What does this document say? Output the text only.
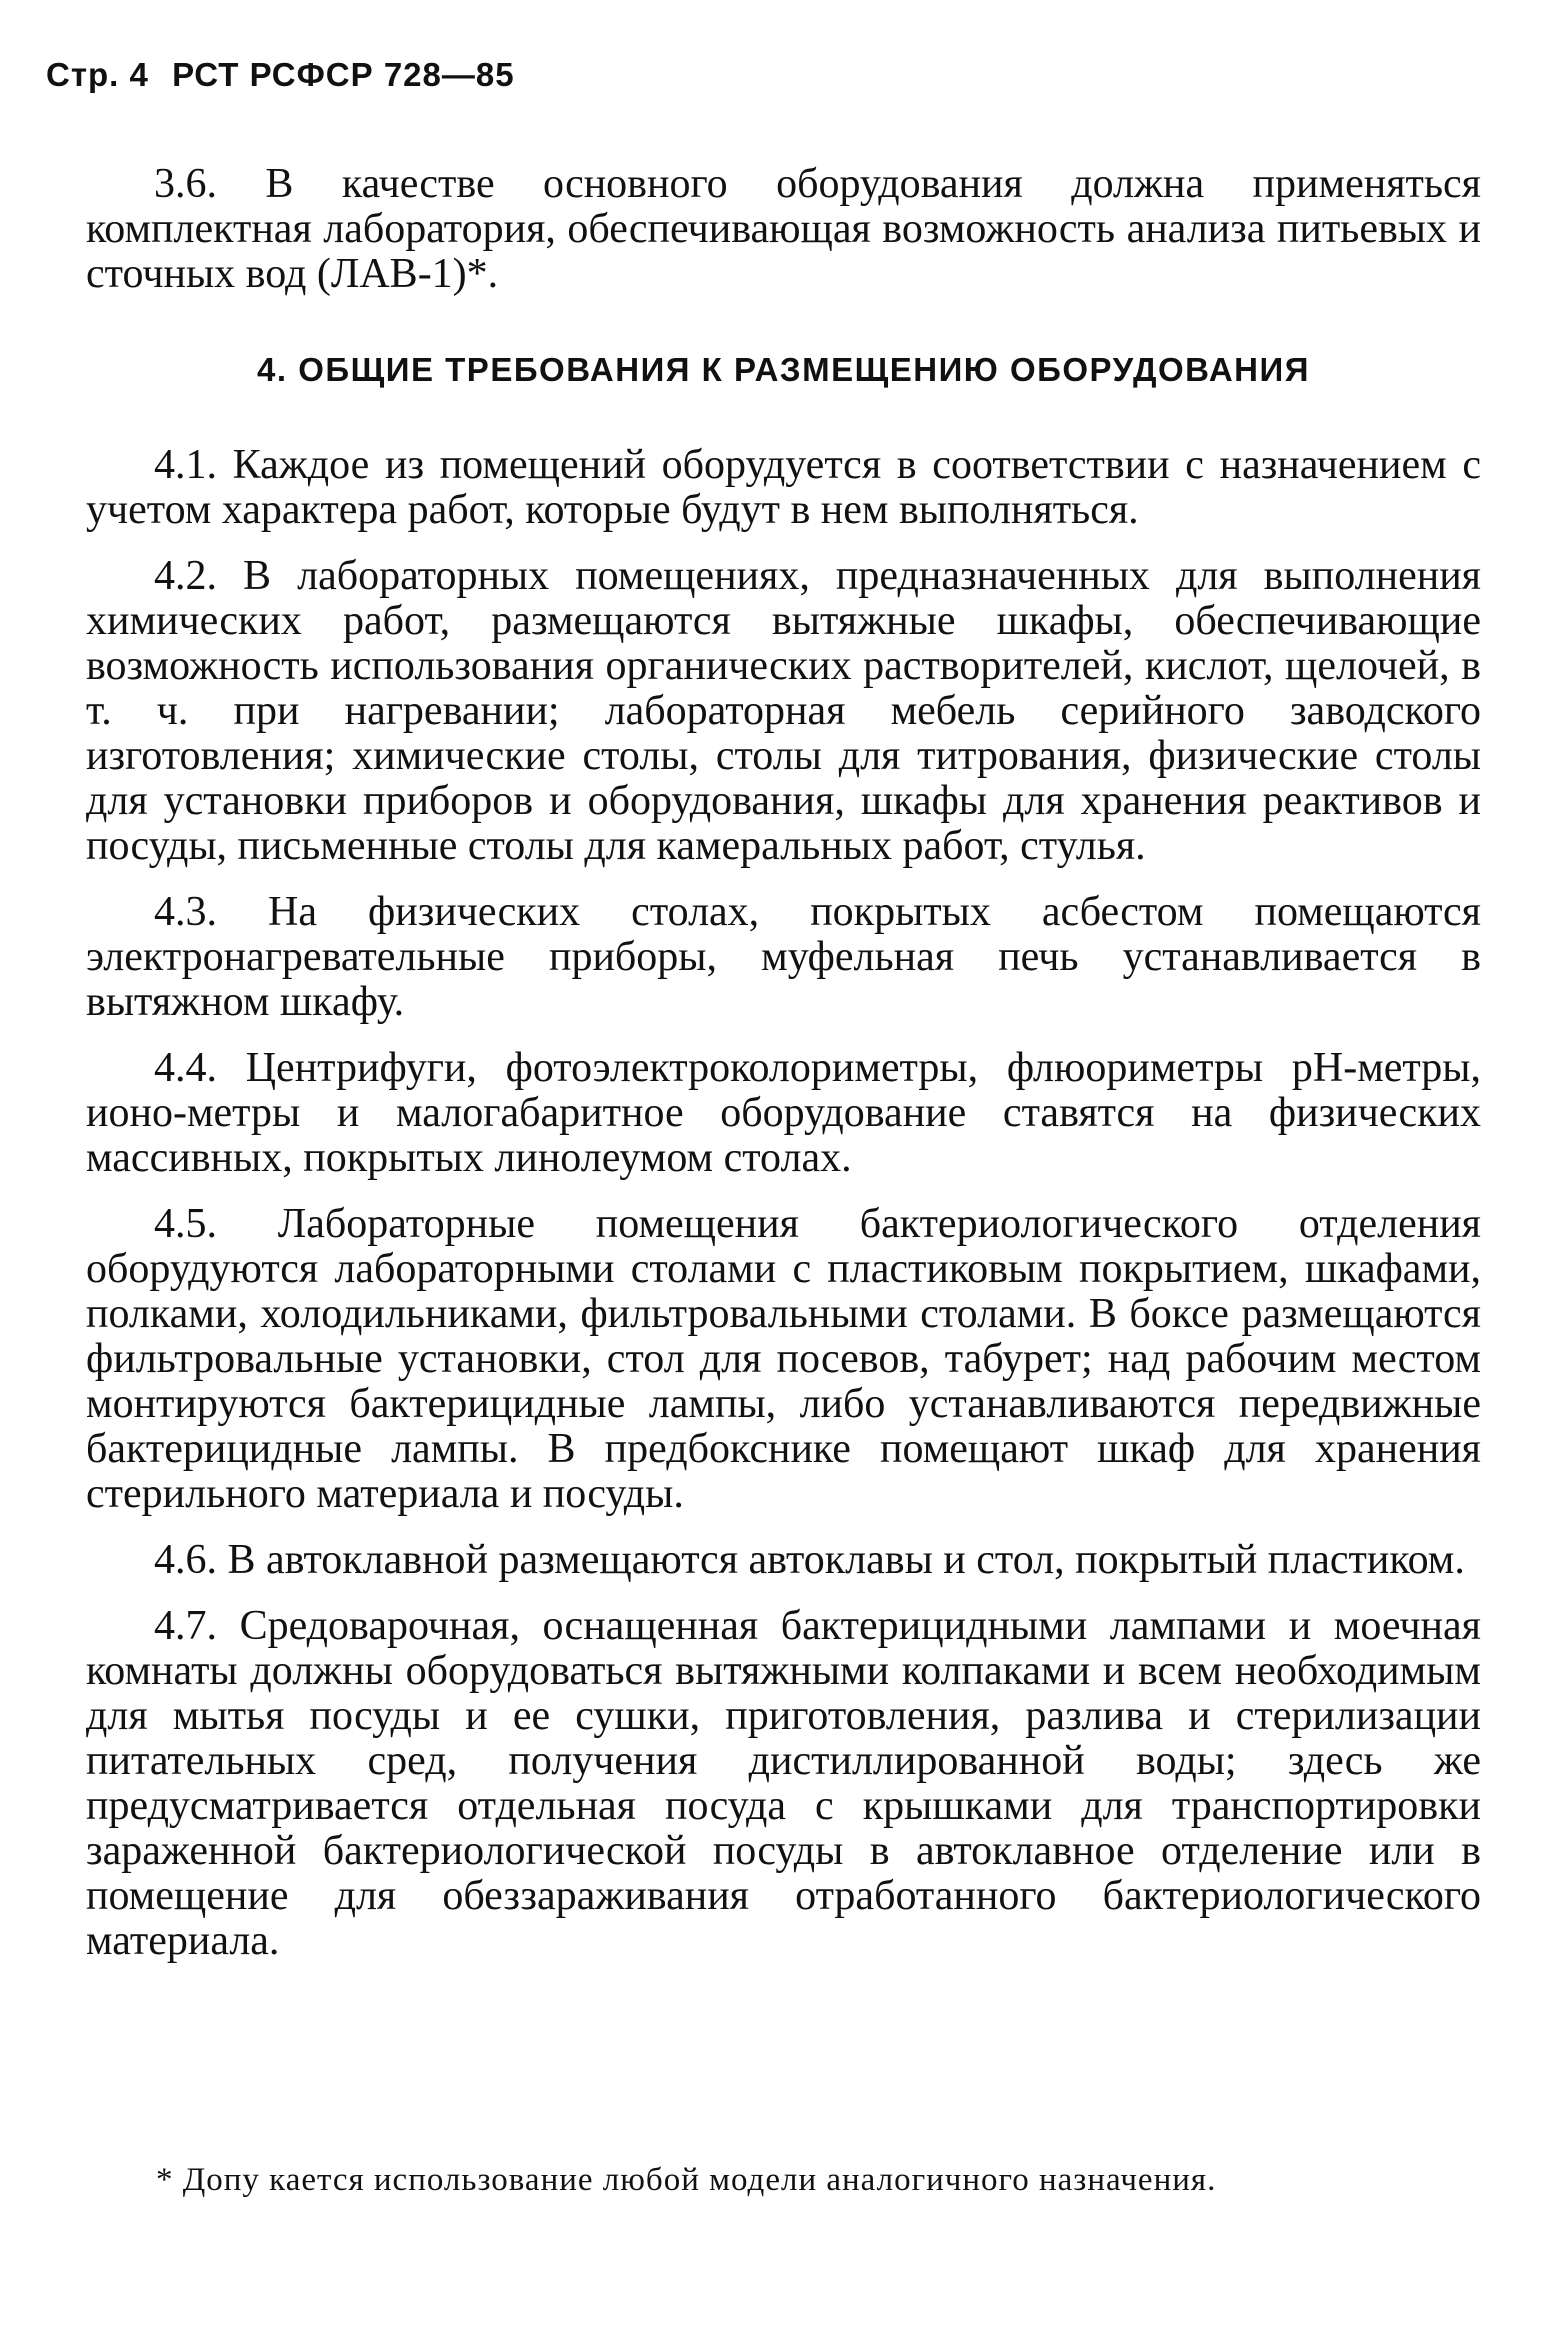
Стр. 4 РСТ РСФСР 728—85

3.6. В качестве основного оборудования должна применяться комплектная лаборатория, обеспечивающая возможность анализа питьевых и сточных вод (ЛАВ-1)*.

4. ОБЩИЕ ТРЕБОВАНИЯ К РАЗМЕЩЕНИЮ ОБОРУДОВАНИЯ

4.1. Каждое из помещений оборудуется в соответствии с назначением с учетом характера работ, которые будут в нем выполняться.

4.2. В лабораторных помещениях, предназначенных для выполнения химических работ, размещаются вытяжные шкафы, обеспечивающие возможность использования органических растворителей, кислот, щелочей, в т. ч. при нагревании; лабораторная мебель серийного заводского изготовления; химические столы, столы для титрования, физические столы для установки приборов и оборудования, шкафы для хранения реактивов и посуды, письменные столы для камеральных работ, стулья.

4.3. На физических столах, покрытых асбестом помещаются электронагревательные приборы, муфельная печь устанавливается в вытяжном шкафу.

4.4. Центрифуги, фотоэлектроколориметры, флюориметры рН-метры, ионо-метры и малогабаритное оборудование ставятся на физических массивных, покрытых линолеумом столах.

4.5. Лабораторные помещения бактериологического отделения оборудуются лабораторными столами с пластиковым покрытием, шкафами, полками, холодильниками, фильтровальными столами. В боксе размещаются фильтровальные установки, стол для посевов, табурет; над рабочим местом монтируются бактерицидные лампы, либо устанавливаются передвижные бактерицидные лампы. В предбокснике помещают шкаф для хранения стерильного материала и посуды.

4.6. В автоклавной размещаются автоклавы и стол, покрытый пластиком.

4.7. Средоварочная, оснащенная бактерицидными лампами и моечная комнаты должны оборудоваться вытяжными колпаками и всем необходимым для мытья посуды и ее сушки, приготовления, разлива и стерилизации питательных сред, получения дистиллированной воды; здесь же предусматривается отдельная посуда с крышками для транспортировки зараженной бактериологической посуды в автоклавное отделение или в помещение для обеззараживания отработанного бактериологического материала.

* Допу кается использование любой модели аналогичного назначения.
